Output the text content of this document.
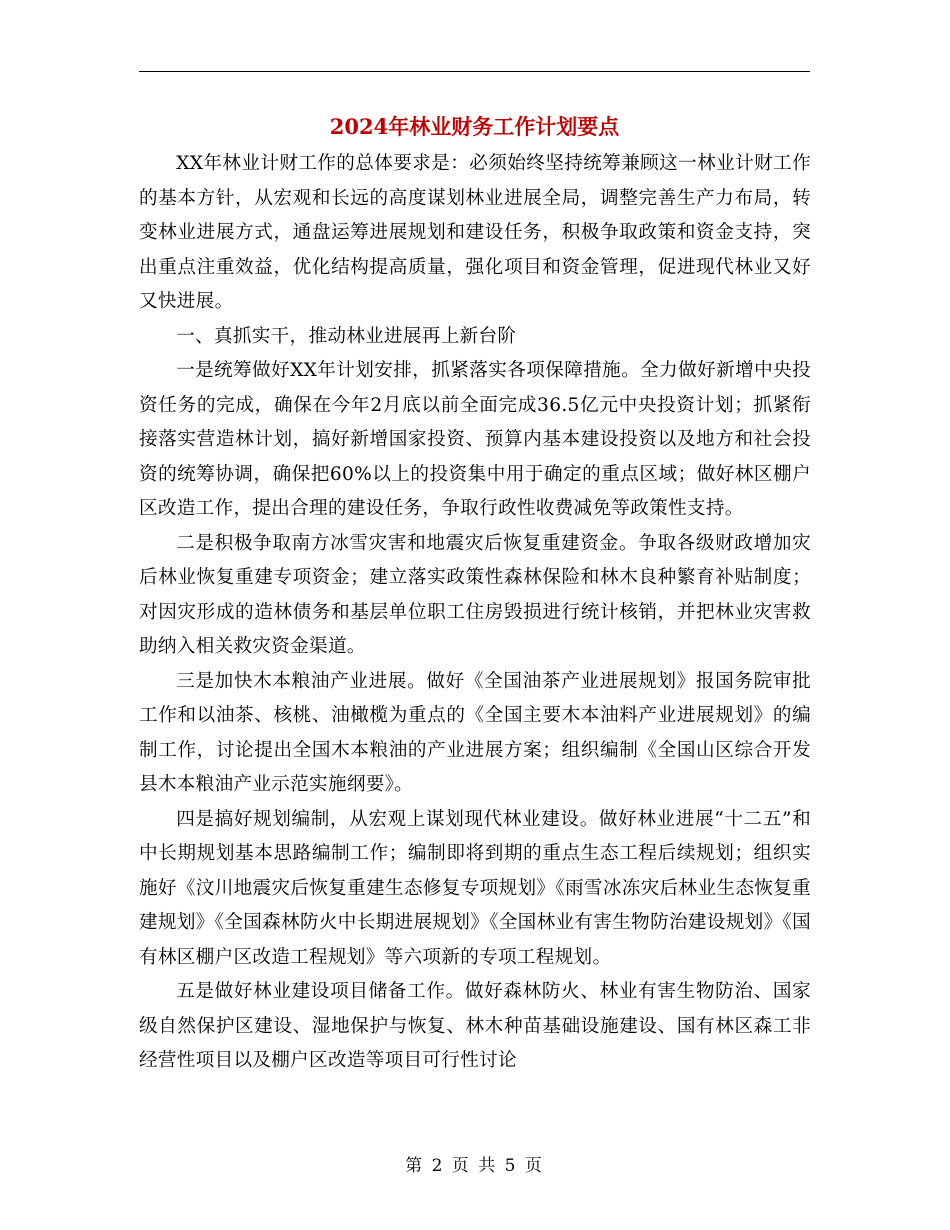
2024年林业财务工作计划要点

XX年林业计财工作的总体要求是：必须始终坚持统筹兼顾这一林业计财工作的基本方针，从宏观和长远的高度谋划林业进展全局，调整完善生产力布局，转变林业进展方式，通盘运筹进展规划和建设任务，积极争取政策和资金支持，突出重点注重效益，优化结构提高质量，强化项目和资金管理，促进现代林业又好又快进展。

一、真抓实干，推动林业进展再上新台阶

一是统筹做好XX年计划安排，抓紧落实各项保障措施。全力做好新增中央投资任务的完成，确保在今年2月底以前全面完成36.5亿元中央投资计划；抓紧衔接落实营造林计划，搞好新增国家投资、预算内基本建设投资以及地方和社会投资的统筹协调，确保把60%以上的投资集中用于确定的重点区域；做好林区棚户区改造工作，提出合理的建设任务，争取行政性收费减免等政策性支持。

二是积极争取南方冰雪灾害和地震灾后恢复重建资金。争取各级财政增加灾后林业恢复重建专项资金；建立落实政策性森林保险和林木良种繁育补贴制度；对因灾形成的造林债务和基层单位职工住房毁损进行统计核销，并把林业灾害救助纳入相关救灾资金渠道。

三是加快木本粮油产业进展。做好《全国油茶产业进展规划》报国务院审批工作和以油茶、核桃、油橄榄为重点的《全国主要木本油料产业进展规划》的编制工作，讨论提出全国木本粮油的产业进展方案；组织编制《全国山区综合开发县木本粮油产业示范实施纲要》。

四是搞好规划编制，从宏观上谋划现代林业建设。做好林业进展“十二五”和中长期规划基本思路编制工作；编制即将到期的重点生态工程后续规划；组织实施好《汶川地震灾后恢复重建生态修复专项规划》《雨雪冰冻灾后林业生态恢复重建规划》《全国森林防火中长期进展规划》《全国林业有害生物防治建设规划》《国有林区棚户区改造工程规划》等六项新的专项工程规划。

五是做好林业建设项目储备工作。做好森林防火、林业有害生物防治、国家级自然保护区建设、湿地保护与恢复、林木种苗基础设施建设、国有林区森工非经营性项目以及棚户区改造等项目可行性讨论

第 2 页 共 5 页
